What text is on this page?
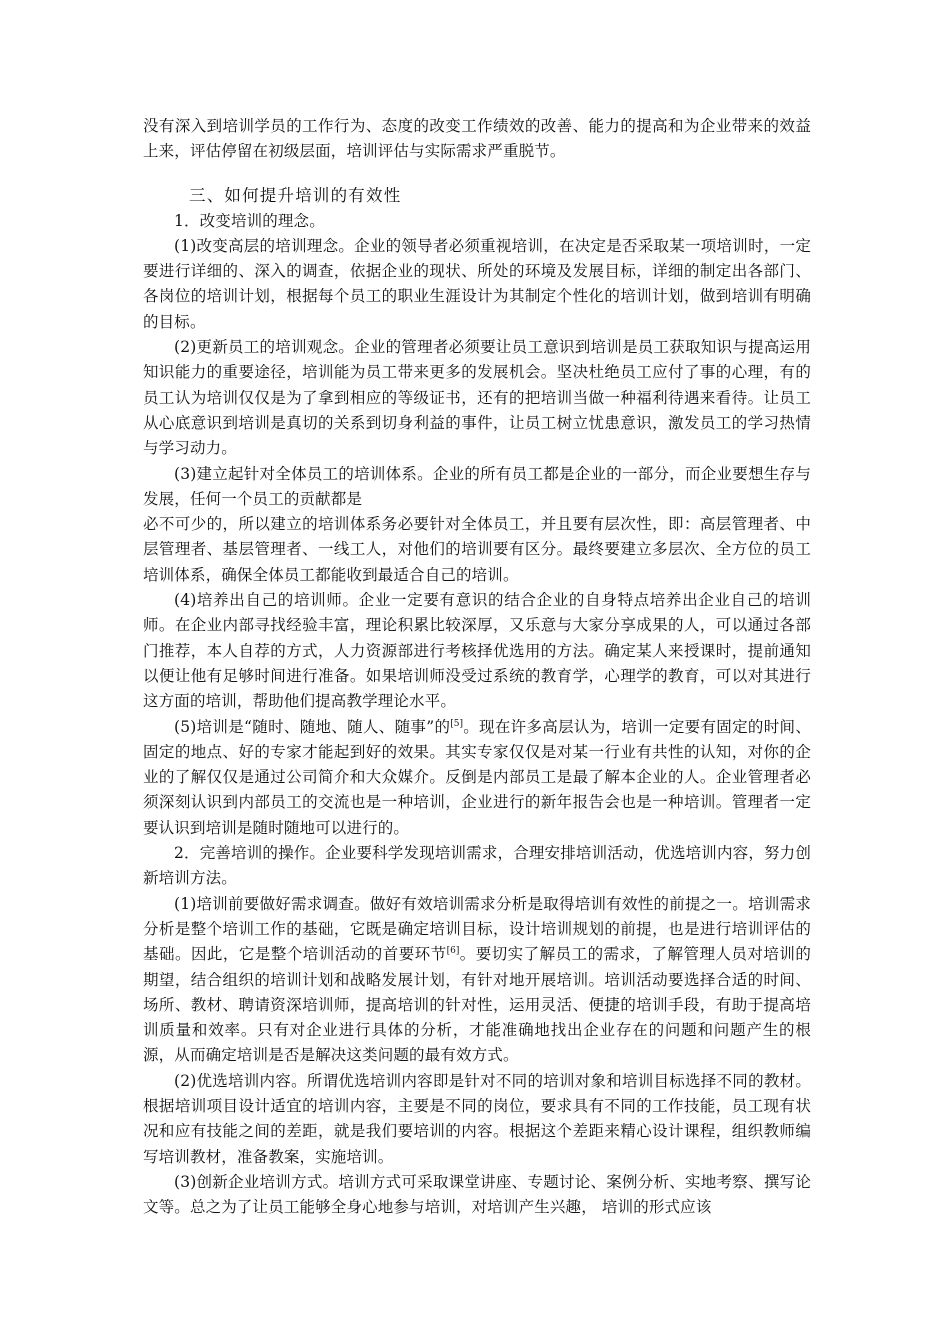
没有深入到培训学员的工作行为、态度的改变工作绩效的改善、能力的提高和为企业带来的效益上来，评估停留在初级层面，培训评估与实际需求严重脱节。

三、如何提升培训的有效性

1．改变培训的理念。

(1)改变高层的培训理念。企业的领导者必须重视培训，在决定是否采取某一项培训时，一定要进行详细的、深入的调查，依据企业的现状、所处的环境及发展目标，详细的制定出各部门、各岗位的培训计划，根据每个员工的职业生涯设计为其制定个性化的培训计划，做到培训有明确的目标。

(2)更新员工的培训观念。企业的管理者必须要让员工意识到培训是员工获取知识与提高运用知识能力的重要途径，培训能为员工带来更多的发展机会。坚决杜绝员工应付了事的心理，有的员工认为培训仅仅是为了拿到相应的等级证书，还有的把培训当做一种福利待遇来看待。让员工从心底意识到培训是真切的关系到切身利益的事件，让员工树立忧患意识，激发员工的学习热情与学习动力。

(3)建立起针对全体员工的培训体系。企业的所有员工都是企业的一部分，而企业要想生存与发展，任何一个员工的贡献都是

必不可少的，所以建立的培训体系务必要针对全体员工，并且要有层次性，即：高层管理者、中层管理者、基层管理者、一线工人，对他们的培训要有区分。最终要建立多层次、全方位的员工培训体系，确保全体员工都能收到最适合自己的培训。

(4)培养出自己的培训师。企业一定要有意识的结合企业的自身特点培养出企业自己的培训师。在企业内部寻找经验丰富，理论积累比较深厚，又乐意与大家分享成果的人，可以通过各部门推荐，本人自荐的方式，人力资源部进行考核择优选用的方法。确定某人来授课时，提前通知以便让他有足够时间进行准备。如果培训师没受过系统的教育学，心理学的教育，可以对其进行这方面的培训，帮助他们提高教学理论水平。

(5)培训是“随时、随地、随人、随事”的[5]。现在许多高层认为，培训一定要有固定的时间、固定的地点、好的专家才能起到好的效果。其实专家仅仅是对某一行业有共性的认知，对你的企业的了解仅仅是通过公司简介和大众媒介。反倒是内部员工是最了解本企业的人。企业管理者必须深刻认识到内部员工的交流也是一种培训，企业进行的新年报告会也是一种培训。管理者一定要认识到培训是随时随地可以进行的。

2．完善培训的操作。企业要科学发现培训需求，合理安排培训活动，优选培训内容，努力创新培训方法。

(1)培训前要做好需求调查。做好有效培训需求分析是取得培训有效性的前提之一。培训需求分析是整个培训工作的基础，它既是确定培训目标，设计培训规划的前提，也是进行培训评估的基础。因此，它是整个培训活动的首要环节[6]。要切实了解员工的需求，了解管理人员对培训的期望，结合组织的培训计划和战略发展计划，有针对地开展培训。培训活动要选择合适的时间、场所、教材、聘请资深培训师，提高培训的针对性，运用灵活、便捷的培训手段，有助于提高培训质量和效率。只有对企业进行具体的分析，才能准确地找出企业存在的问题和问题产生的根源，从而确定培训是否是解决这类问题的最有效方式。

(2)优选培训内容。所谓优选培训内容即是针对不同的培训对象和培训目标选择不同的教材。根据培训项目设计适宜的培训内容，主要是不同的岗位，要求具有不同的工作技能，员工现有状况和应有技能之间的差距，就是我们要培训的内容。根据这个差距来精心设计课程，组织教师编写培训教材，准备教案，实施培训。

(3)创新企业培训方式。培训方式可采取课堂讲座、专题讨论、案例分析、实地考察、撰写论文等。总之为了让员工能够全身心地参与培训，对培训产生兴趣， 培训的形式应该
